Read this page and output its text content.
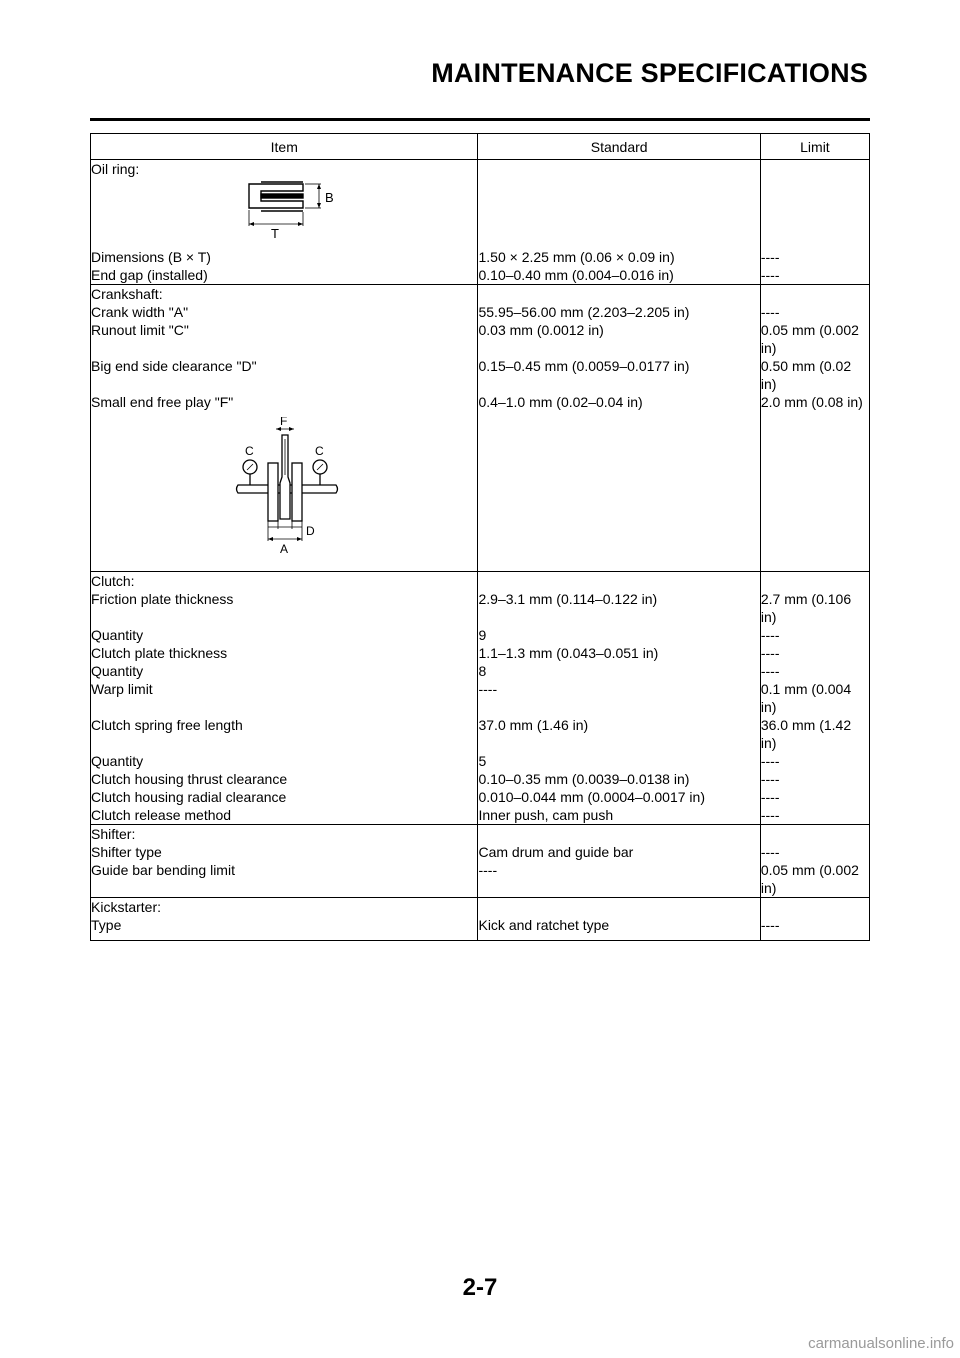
MAINTENANCE SPECIFICATIONS
Item	Standard	Limit
Oil ring:		

B
T		

Dimensions (B × T)	1.50 × 2.25 mm (0.06 × 0.09 in)	----
End gap (installed)	0.10–0.40 mm (0.004–0.016 in)	----
Crankshaft:		
Crank width "A"	55.95–56.00 mm (2.203–2.205 in)	----
Runout limit "C"	0.03 mm (0.0012 in)	0.05 mm (0.002 in)
Big end side clearance "D"	0.15–0.45 mm (0.0059–0.0177 in)	0.50 mm (0.02 in)
Small end free play "F"	0.4–1.0 mm (0.02–0.04 in)	2.0 mm (0.08 in)

F
C C
D
A		

Clutch:		
Friction plate thickness	2.9–3.1 mm (0.114–0.122 in)	2.7 mm (0.106 in)
Quantity	9	----
Clutch plate thickness	1.1–1.3 mm (0.043–0.051 in)	----
Quantity	8	----
Warp limit	----	0.1 mm (0.004 in)
Clutch spring free length	37.0 mm (1.46 in)	36.0 mm (1.42 in)
Quantity	5	----
Clutch housing thrust clearance	0.10–0.35 mm (0.0039–0.0138 in)	----
Clutch housing radial clearance	0.010–0.044 mm (0.0004–0.0017 in)	----
Clutch release method	Inner push, cam push	----
Shifter:		
Shifter type	Cam drum and guide bar	----
Guide bar bending limit	----	0.05 mm (0.002 in)
Kickstarter:		
Type	Kick and ratchet type	----
2-7
carmanualsonline.info
